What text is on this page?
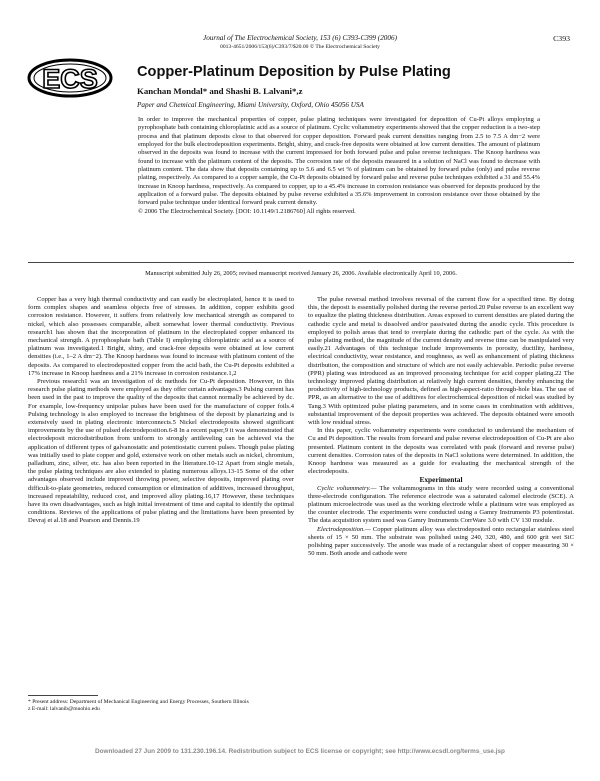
Journal of The Electrochemical Society, 153 (6) C393-C399 (2006)
0013-4651/2006/153(6)/C393/7/$20.00 © The Electrochemical Society
C393
ECS	Copper-Platinum Deposition by Pulse Plating
Kanchan Mondal* and Shashi B. Lalvani*,z
Paper and Chemical Engineering, Miami University, Oxford, Ohio 45056 USA
In order to improve the mechanical properties of copper, pulse plating techniques were investigated for deposition of Cu-Pt alloys employing a pyrophosphate bath containing chloroplatinic acid as a source of platinum. Cyclic voltammetry experiments showed that the copper reduction is a two-step process and that platinum deposits close to that observed for copper deposition. Forward peak current densities ranging from 2.5 to 7.5 A dm−2 were employed for the bulk electrodeposition experiments. Bright, shiny, and crack-free deposits were obtained at low current densities. The amount of platinum observed in the deposits was found to increase with the current impressed for both forward pulse and pulse reverse techniques. The Knoop hardness was found to increase with the platinum content of the deposits. The corrosion rate of the deposits measured in a solution of NaCl was found to decrease with platinum content. The data show that deposits containing up to 5.6 and 6.5 wt % of platinum can be obtained by forward pulse (only) and pulse reverse plating, respectively. As compared to a copper sample, the Cu-Pt deposits obtained by forward pulse and reverse pulse techniques exhibited a 31 and 55.4% increase in Knoop hardness, respectively. As compared to copper, up to a 45.4% increase in corrosion resistance was observed for deposits produced by the application of a forward pulse. The deposits obtained by pulse reverse exhibited a 35.6% improvement in corrosion resistance over those obtained by the forward pulse technique under identical forward peak current density.
© 2006 The Electrochemical Society. [DOI: 10.1149/1.2186760] All rights reserved.
Manuscript submitted July 26, 2005; revised manuscript received January 26, 2006. Available electronically April 10, 2006.

Copper has a very high thermal conductivity and can easily be electroplated, hence it is used to form complex shapes and seamless objects free of stresses. In addition, copper exhibits good corrosion resistance. However, it suffers from relatively low mechanical strength as compared to nickel, which also possesses comparable, albeit somewhat lower thermal conductivity. Previous research1 has shown that the incorporation of platinum in the electroplated copper enhanced its mechanical strength. A pyrophosphate bath (Table I) employing chloroplatinic acid as a source of platinum was investigated.1 Bright, shiny, and crack-free deposits were obtained at low current densities (i.e., 1–2 A dm−2). The Knoop hardness was found to increase with platinum content of the deposits. As compared to electrodeposited copper from the acid bath, the Cu-Pt deposits exhibited a 17% increase in Knoop hardness and a 21% increase in corrosion resistance.1,2

Previous research1 was an investigation of dc methods for Cu-Pt deposition. However, in this research pulse plating methods were employed as they offer certain advantages.3 Pulsing current has been used in the past to improve the quality of the deposits that cannot normally be achieved by dc. For example, low-frequency unipolar pulses have been used for the manufacture of copper foils.4 Pulsing technology is also employed to increase the brightness of the deposit by planarizing and is extensively used in plating electronic interconnects.5 Nickel electrodeposits showed significant improvements by the use of pulsed electrodeposition.6-8 In a recent paper,9 it was demonstrated that electrodeposit microdistribution from uniform to strongly antileveling can be achieved via the application of different types of galvanostatic and potentiostatic current pulses. Though pulse plating was initially used to plate copper and gold, extensive work on other metals such as nickel, chromium, palladium, zinc, silver, etc. has also been reported in the literature.10-12 Apart from single metals, the pulse plating techniques are also extended to plating numerous alloys.13-15 Some of the other advantages observed include improved throwing power, selective deposits, improved plating over difficult-to-plate geometries, reduced consumption or elimination of additives, increased throughput, increased repeatability, reduced cost, and improved alloy plating.16,17 However, these techniques have its own disadvantages, such as high initial investment of time and capital to identify the optimal conditions. Reviews of the applications of pulse plating and the limitations have been presented by Devraj et al.18 and Pearson and Dennis.19

* Present address: Department of Mechanical Engineering and Energy Processes, Southern Illinois
z E-mail: lalvanib@muohio.edu

The pulse reversal method involves reversal of the current flow for a specified time. By doing this, the deposit is essentially polished during the reverse period.20 Pulse reverse is an excellent way to equalize the plating thickness distribution. Areas exposed to current densities are plated during the cathodic cycle and metal is dissolved and/or passivated during the anodic cycle. This procedure is employed to polish areas that tend to overplate during the cathodic part of the cycle. As with the pulse plating method, the magnitude of the current density and reverse time can be manipulated very easily.21 Advantages of this technique include improvements in porosity, ductility, hardness, electrical conductivity, wear resistance, and roughness, as well as enhancement of plating thickness distribution, the composition and structure of which are not easily achievable. Periodic pulse reverse (PPR) plating was introduced as an improved processing technique for acid copper plating.22 The technology improved plating distribution at relatively high current densities, thereby enhancing the productivity of high-technology products, defined as high-aspect-ratio through-hole bias. The use of PPR, as an alternative to the use of additives for electrochemical deposition of nickel was studied by Tang.3 With optimized pulse plating parameters, and in some cases in combination with additives, substantial improvement of the deposit properties was achieved. The deposits obtained were smooth with low residual stress.

In this paper, cyclic voltammetry experiments were conducted to understand the mechanism of Cu and Pt deposition. The results from forward and pulse reverse electrodeposition of Cu-Pt are also presented. Platinum content in the deposits was correlated with peak (forward and reverse pulse) current densities. Corrosion rates of the deposits in NaCl solutions were determined. In addition, the Knoop hardness was measured as a guide for evaluating the mechanical strength of the electrodeposits.

Experimental

Cyclic voltammetry.— The voltammograms in this study were recorded using a conventional three-electrode configuration. The reference electrode was a saturated calomel electrode (SCE). A platinum microelectrode was used as the working electrode while a platinum wire was employed as the counter electrode. The experiments were conducted using a Gamry Instruments P3 potentiostat. The data acquisition system used was Gamry Instruments CorrWare 3.0 with CV 130 module.

Electrodeposition.— Copper platinum alloy was electrodeposited onto rectangular stainless steel sheets of 15 × 50 mm. The substrate was polished using 240, 320, 480, and 600 grit wet SiC polishing paper successively. The anode was made of a rectangular sheet of copper measuring 30 × 50 mm. Both anode and cathode were

Downloaded 27 Jun 2009 to 131.230.196.14. Redistribution subject to ECS license or copyright; see http://www.ecsdl.org/terms_use.jsp
